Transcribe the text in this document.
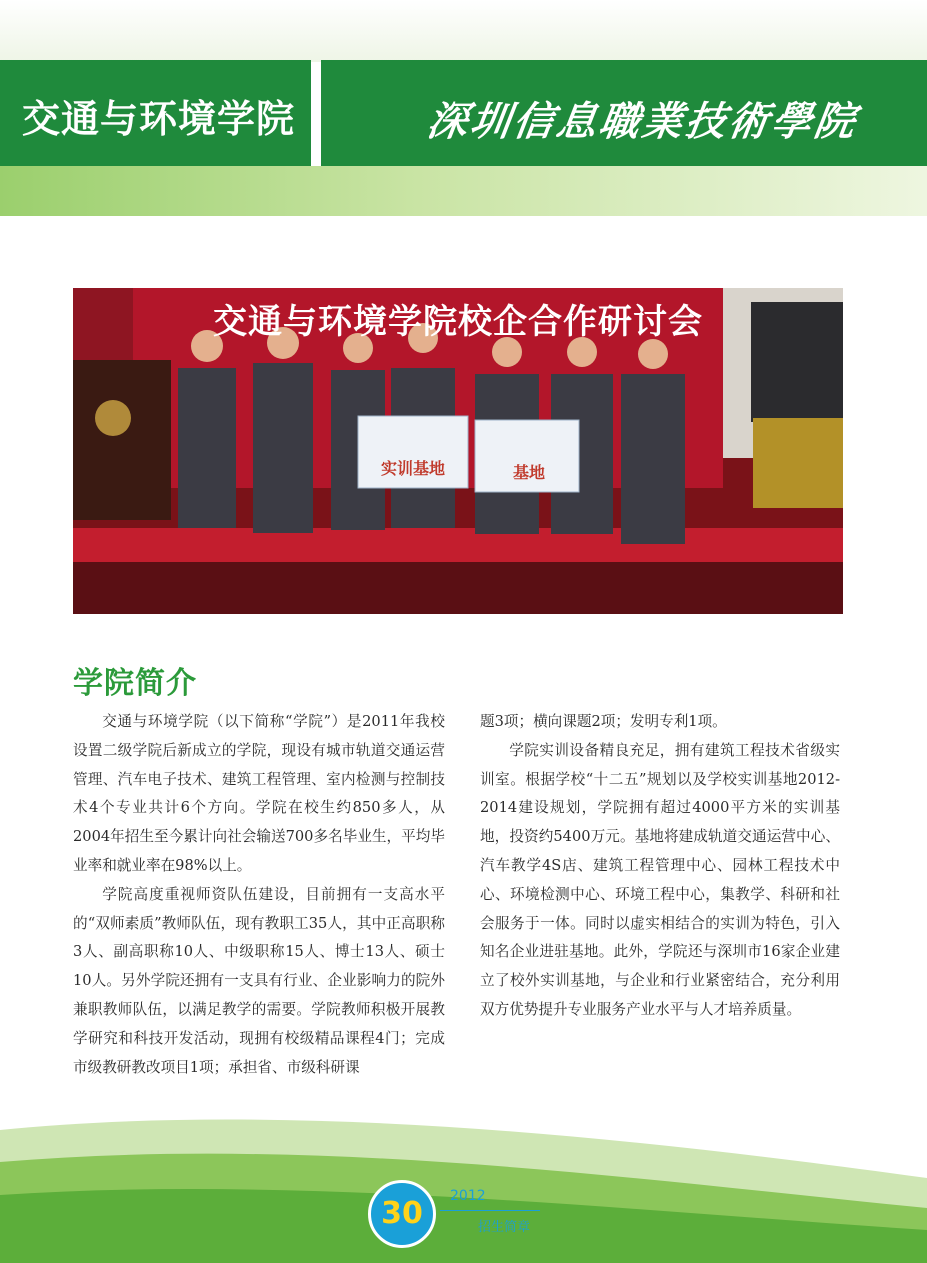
交通与环境学院	深圳信息職業技術學院
交通与环境学院校企合作研讨会
实训基地	基地
学院简介

交通与环境学院（以下简称“学院”）是2011年我校设置二级学院后新成立的学院，现设有城市轨道交通运营管理、汽车电子技术、建筑工程管理、室内检测与控制技术4个专业共计6个方向。学院在校生约850多人，从2004年招生至今累计向社会输送700多名毕业生，平均毕业率和就业率在98%以上。

学院高度重视师资队伍建设，目前拥有一支高水平的“双师素质”教师队伍，现有教职工35人，其中正高职称3人、副高职称10人、中级职称15人、博士13人、硕士10人。另外学院还拥有一支具有行业、企业影响力的院外兼职教师队伍，以满足教学的需要。学院教师积极开展教学研究和科技开发活动，现拥有校级精品课程4门；完成市级教研教改项目1项；承担省、市级科研课

题3项；横向课题2项；发明专利1项。

学院实训设备精良充足，拥有建筑工程技术省级实训室。根据学校“十二五”规划以及学校实训基地2012-2014建设规划，学院拥有超过4000平方米的实训基地，投资约5400万元。基地将建成轨道交通运营中心、汽车教学4S店、建筑工程管理中心、园林工程技术中心、环境检测中心、环境工程中心，集教学、科研和社会服务于一体。同时以虚实相结合的实训为特色，引入知名企业进驻基地。此外，学院还与深圳市16家企业建立了校外实训基地，与企业和行业紧密结合，充分利用双方优势提升专业服务产业水平与人才培养质量。

30	2012
招生简章
